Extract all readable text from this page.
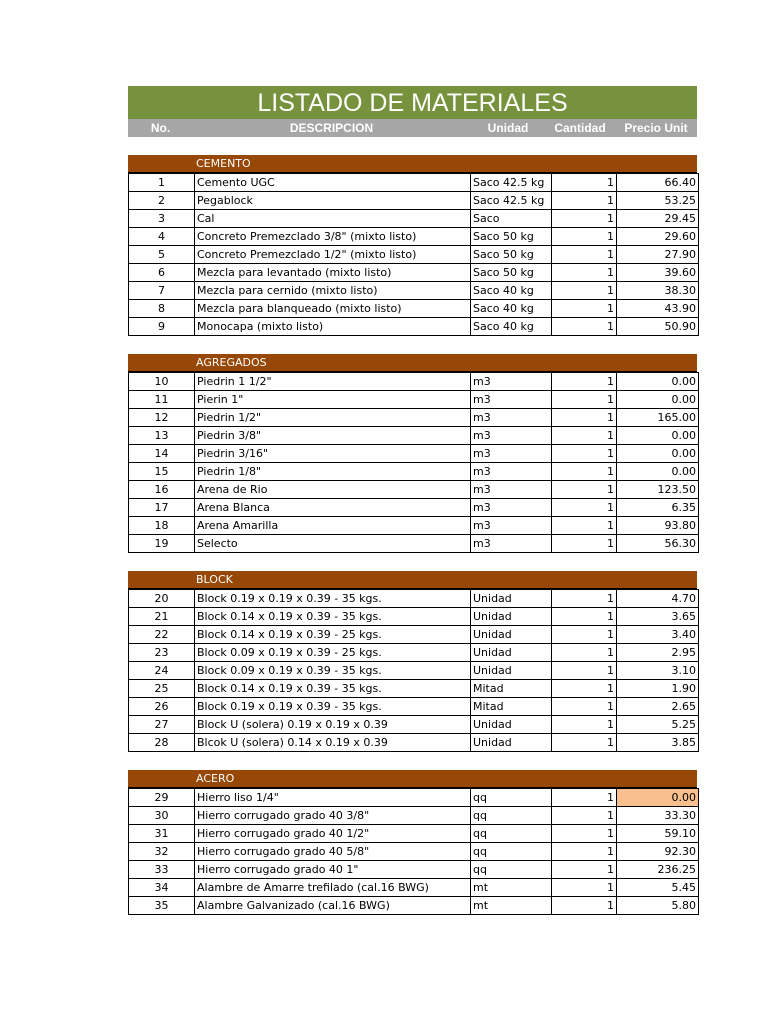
LISTADO DE MATERIALES
No.	DESCRIPCION	Unidad	Cantidad	Precio Unit
CEMENTO
1	Cemento UGC	Saco 42.5 kg	1	66.40
2	Pegablock	Saco 42.5 kg	1	53.25
3	Cal	Saco	1	29.45
4	Concreto Premezclado 3/8" (mixto listo)	Saco 50 kg	1	29.60
5	Concreto Premezclado 1/2" (mixto listo)	Saco 50 kg	1	27.90
6	Mezcla para levantado (mixto listo)	Saco 50 kg	1	39.60
7	Mezcla para cernido (mixto listo)	Saco 40 kg	1	38.30
8	Mezcla para blanqueado (mixto listo)	Saco 40 kg	1	43.90
9	Monocapa (mixto listo)	Saco 40 kg	1	50.90
AGREGADOS
10	Piedrin 1 1/2"	m3	1	0.00
11	Pierin 1"	m3	1	0.00
12	Piedrin 1/2"	m3	1	165.00
13	Piedrin 3/8"	m3	1	0.00
14	Piedrin 3/16"	m3	1	0.00
15	Piedrin 1/8"	m3	1	0.00
16	Arena de Rio	m3	1	123.50
17	Arena Blanca	m3	1	6.35
18	Arena Amarilla	m3	1	93.80
19	Selecto	m3	1	56.30
BLOCK
20	Block 0.19 x 0.19 x 0.39 - 35 kgs.	Unidad	1	4.70
21	Block 0.14 x 0.19 x 0.39 - 35 kgs.	Unidad	1	3.65
22	Block 0.14 x 0.19 x 0.39 - 25 kgs.	Unidad	1	3.40
23	Block 0.09 x 0.19 x 0.39 - 25 kgs.	Unidad	1	2.95
24	Block 0.09 x 0.19 x 0.39 - 35 kgs.	Unidad	1	3.10
25	Block 0.14 x 0.19 x 0.39 - 35 kgs.	Mitad	1	1.90
26	Block 0.19 x 0.19 x 0.39 - 35 kgs.	Mitad	1	2.65
27	Block U (solera) 0.19 x 0.19 x 0.39	Unidad	1	5.25
28	Blcok U (solera) 0.14 x 0.19 x 0.39	Unidad	1	3.85
ACERO
29	Hierro liso 1/4"	qq	1	0.00
30	Hierro corrugado grado 40 3/8"	qq	1	33.30
31	Hierro corrugado grado 40 1/2"	qq	1	59.10
32	Hierro corrugado grado 40 5/8"	qq	1	92.30
33	Hierro corrugado grado 40 1"	qq	1	236.25
34	Alambre de Amarre trefilado (cal.16 BWG)	mt	1	5.45
35	Alambre Galvanizado (cal.16 BWG)	mt	1	5.80
